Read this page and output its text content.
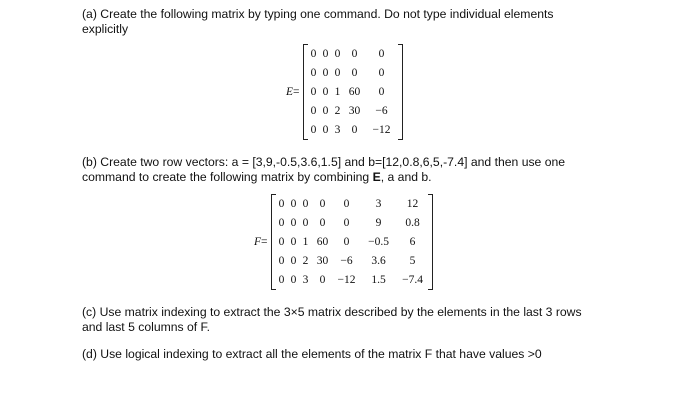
(a) Create the following matrix by typing one command. Do not type individual elements
explicitly

E=
0	0	0	0	0
0	0	0	0	0
0	0	1	60	0
0	0	2	30	−6
0	0	3	0	−12

(b) Create two row vectors: a = [3,9,-0.5,3.6,1.5] and b=[12,0.8,6,5,-7.4] and then use one
command to create the following matrix by combining E, a and b.

F=
0	0	0	0	0	3	12
0	0	0	0	0	9	0.8
0	0	1	60	0	−0.5	6
0	0	2	30	−6	3.6	5
0	0	3	0	−12	1.5	−7.4

(c) Use matrix indexing to extract the 3×5 matrix described by the elements in the last 3 rows
and last 5 columns of F.

(d) Use logical indexing to extract all the elements of the matrix F that have values >0
